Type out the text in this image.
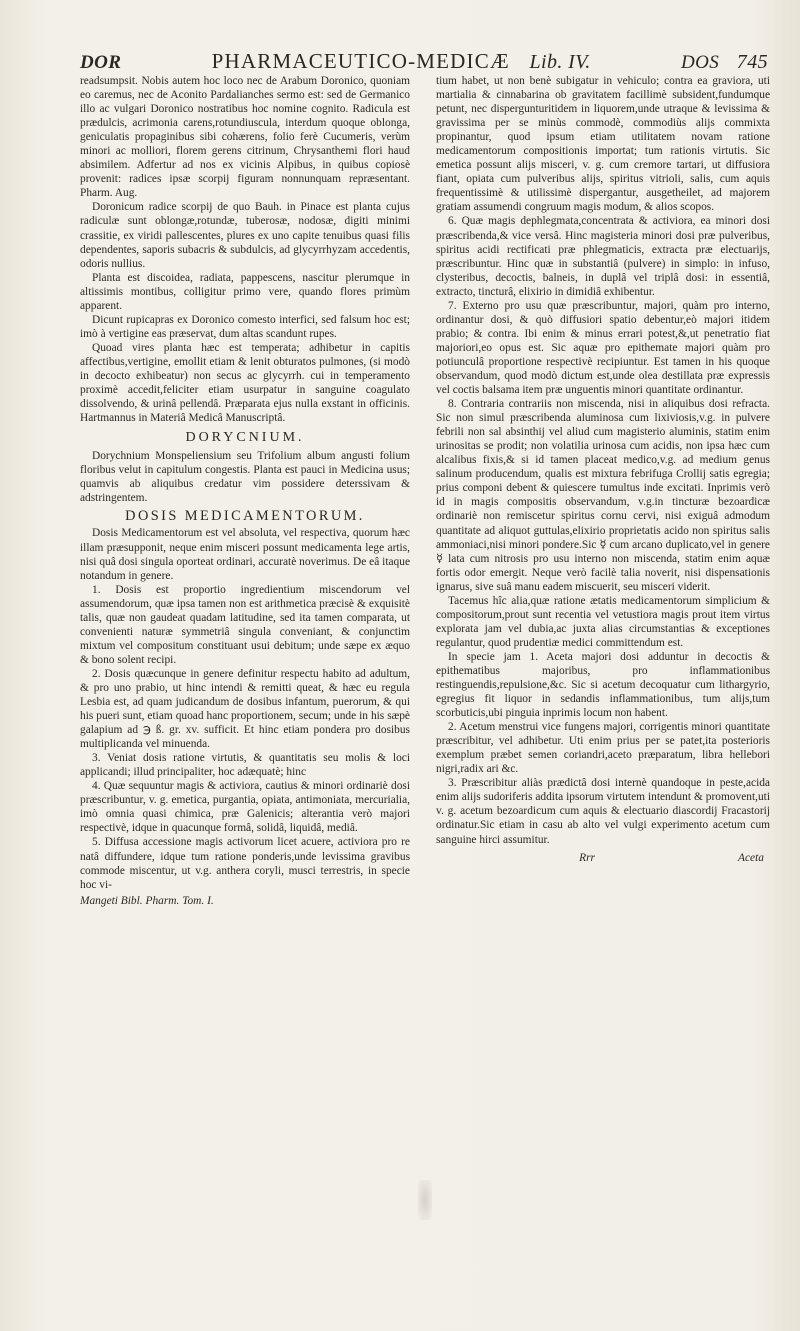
DOR	PHARMACEUTICO-MEDICÆ Lib. IV.	DOS 745

readsumpsit. Nobis autem hoc loco nec de Arabum Doronico, quoniam eo caremus, nec de Aconito Pardalianches sermo est: sed de Germanico illo ac vulgari Doronico nostratibus hoc nomine cognito. Radicula est prædulcis, acrimonia carens,rotundiuscula, interdum quoque oblonga, geniculatis propaginibus sibi cohærens, folio ferè Cucumeris, verùm minori ac molliori, florem gerens citrinum, Chrysanthemi flori haud absimilem. Adfertur ad nos ex vicinis Alpibus, in quibus copiosè provenit: radices ipsæ scorpij figuram nonnunquam repræsentant. Pharm. Aug.

Doronicum radice scorpij de quo Bauh. in Pinace est planta cujus radiculæ sunt oblongæ,rotundæ, tuberosæ, nodosæ, digiti minimi crassitie, ex viridi pallescentes, plures ex uno capite tenuibus quasi filis dependentes, saporis subacris & subdulcis, ad glycyrrhyzam accedentis, odoris nullius.

Planta est discoidea, radiata, pappescens, nascitur plerumque in altissimis montibus, colligitur primo vere, quando flores primùm apparent.

Dicunt rupicapras ex Doronico comesto interfici, sed falsum hoc est; imò à vertigine eas præservat, dum altas scandunt rupes.

Quoad vires planta hæc est temperata; adhibetur in capitis affectibus,vertigine, emollit etiam & lenit obturatos pulmones, (si modò in decocto exhibeatur) non secus ac glycyrrh. cui in temperamento proximè accedit,feliciter etiam usurpatur in sanguine coagulato dissolvendo, & urinâ pellendâ. Præparata ejus nulla exstant in officinis. Hartmannus in Materiâ Medicâ Manuscriptâ.

DORYCNIUM.

Dorychnium Monspeliensium seu Trifolium album angusti folium floribus velut in capitulum congestis. Planta est pauci in Medicina usus; quamvis ab aliquibus credatur vim possidere deterssivam & adstringentem.

DOSIS MEDICAMENTORUM.

Dosis Medicamentorum est vel absoluta, vel respectiva, quorum hæc illam præsupponit, neque enim misceri possunt medicamenta lege artis, nisi quâ dosi singula oporteat ordinari, accuratè noverimus. De eâ itaque notandum in genere.

1. Dosis est proportio ingredientium miscendorum vel assumendorum, quæ ipsa tamen non est arithmetica præcisè & exquisitè talis, quæ non gaudeat quadam latitudine, sed ita tamen comparata, ut convenienti naturæ symmetriâ singula conveniant, & conjunctim mixtum vel compositum constituant usui debitum; unde sæpe ex æquo & bono solent recipi.

2. Dosis quæcunque in genere definitur respectu habito ad adultum, & pro uno prabio, ut hinc intendi & remitti queat, & hæc eu regula Lesbia est, ad quam judicandum de dosibus infantum, puerorum, & qui his pueri sunt, etiam quoad hanc proportionem, secum; unde in his sæpè galapium ad ℈ ß. gr. xv. sufficit. Et hinc etiam pondera pro dosibus multiplicanda vel minuenda.

3. Veniat dosis ratione virtutis, & quantitatis seu molis & loci applicandi; illud principaliter, hoc adæquatè; hinc

4. Quæ sequuntur magis & activiora, cautius & minori ordinariè dosi præscribuntur, v. g. emetica, purgantia, opiata, antimoniata, mercurialia, imò omnia quasi chimica, præ Galenicis; alterantia verò majori respectivè, idque in quacunque formâ, solidâ, liquidâ, mediâ.

5. Diffusa accessione magis activorum licet acuere, activiora pro re natâ diffundere, idque tum ratione ponderis,unde levissima gravibus commode miscentur, ut v.g. anthera coryli, musci terrestris, in specie hoc vi-

Mangeti Bibl. Pharm. Tom. I.

tium habet, ut non benè subigatur in vehiculo; contra ea graviora, uti martialia & cinnabarina ob gravitatem facillimè subsident,fundumque petunt, nec dispergunturitidem in liquorem,unde utraque & levissima & gravissima per se minùs commodè, commodiùs alijs commixta propinantur, quod ipsum etiam utilitatem novam ratione medicamentorum compositionis importat; tum rationis virtutis. Sic emetica possunt alijs misceri, v. g. cum cremore tartari, ut diffusiora fiant, opiata cum pulveribus alijs, spiritus vitrioli, salis, cum aquis frequentissimè & utilissimè dispergantur, ausgetheilet, ad majorem gratiam assumendi congruum magis modum, & alios scopos.

6. Quæ magis dephlegmata,concentrata & activiora, ea minori dosi præscribenda,& vice versâ. Hinc magisteria minori dosi præ pulveribus, spiritus acidi rectificati præ phlegmaticis, extracta præ electuarijs, præscribuntur. Hinc quæ in substantiâ (pulvere) in simplo: in infuso, clysteribus, decoctis, balneis, in duplâ vel triplâ dosi: in essentiâ, extracto, tincturâ, elixirio in dimidiâ exhibentur.

7. Externo pro usu quæ præscribuntur, majori, quàm pro interno, ordinantur dosi, & quò diffusiori spatio debentur,eò majori itidem prabio; & contra. Ibi enim & minus errari potest,&,ut penetratio fiat majoriori,eo opus est. Sic aquæ pro epithemate majori quàm pro potiunculâ proportione respectivè recipiuntur. Est tamen in his quoque observandum, quod modò dictum est,unde olea destillata præ expressis vel coctis balsama item præ unguentis minori quantitate ordinantur.

8. Contraria contrariis non miscenda, nisi in aliquibus dosi refracta. Sic non simul præscribenda aluminosa cum lixiviosis,v.g. in pulvere febrili non sal absinthij vel aliud cum magisterio aluminis, statim enim urinositas se prodit; non volatilia urinosa cum acidis, non ipsa hæc cum alcalibus fixis,& si id tamen placeat medico,v.g. ad medium genus salinum producendum, qualis est mixtura febrifuga Crollij satis egregia; prius componi debent & quiescere tumultus inde excitati. Inprimis verò id in magis compositis observandum, v.g.in tincturæ bezoardicæ ordinariè non remiscetur spiritus cornu cervi, nisi exiguâ admodum quantitate ad aliquot guttulas,elixirio proprietatis acido non spiritus salis ammoniaci,nisi minori pondere.Sic ☿ cum arcano duplicato,vel in genere ☿ lata cum nitrosis pro usu interno non miscenda, statim enim aquæ fortis odor emergit. Neque verò facilè talia noverit, nisi dispensationis ignarus, sive suâ manu eadem miscuerit, seu misceri viderit.

Tacemus hîc alia,quæ ratione ætatis medicamentorum simplicium & compositorum,prout sunt recentia vel vetustiora magis prout item virtus explorata jam vel dubia,ac juxta alias circumstantias & exceptiones regulantur, quod prudentiæ medici committendum est.

In specie jam 1. Aceta majori dosi adduntur in decoctis & epithematibus majoribus, pro inflammationibus restinguendis,repulsione,&c. Sic si acetum decoquatur cum lithargyrio, egregius fit liquor in sedandis inflammationibus, tum alijs,tum scorbuticis,ubi pinguia inprimis locum non habent.

2. Acetum menstrui vice fungens majori, corrigentis minori quantitate præscribitur, vel adhibetur. Uti enim prius per se patet,ita posterioris exemplum præbet semen coriandri,aceto præparatum, libra hellebori nigri,radix ari &c.

3. Præscribitur aliàs prædictâ dosi internè quandoque in peste,acida enim alijs sudoriferis addita ipsorum virtutem intendunt & promovent,uti v. g. acetum bezoardicum cum aquis & electuario diascordij Fracastorij ordinatur.Sic etiam in casu ab alto vel vulgi experimento acetum cum sanguine hirci assumitur.

Rrr	Aceta
